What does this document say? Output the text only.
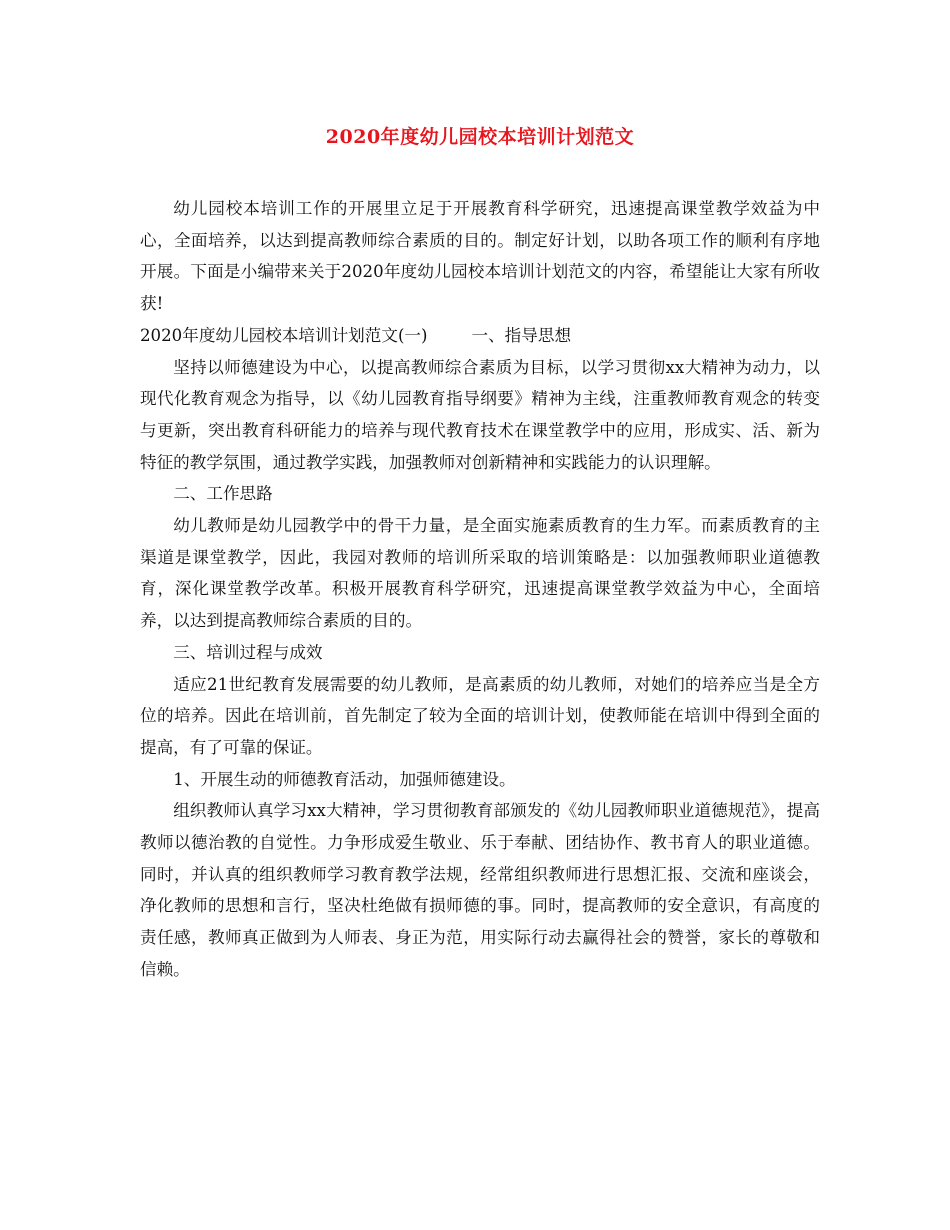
2020年度幼儿园校本培训计划范文

幼儿园校本培训工作的开展里立足于开展教育科学研究，迅速提高课堂教学效益为中心，全面培养，以达到提高教师综合素质的目的。制定好计划，以助各项工作的顺利有序地开展。下面是小编带来关于2020年度幼儿园校本培训计划范文的内容，希望能让大家有所收获!

2020年度幼儿园校本培训计划范文(一)	一、指导思想

坚持以师德建设为中心，以提高教师综合素质为目标，以学习贯彻xx大精神为动力，以现代化教育观念为指导，以《幼儿园教育指导纲要》精神为主线，注重教师教育观念的转变与更新，突出教育科研能力的培养与现代教育技术在课堂教学中的应用，形成实、活、新为特征的教学氛围，通过教学实践，加强教师对创新精神和实践能力的认识理解。

二、工作思路

幼儿教师是幼儿园教学中的骨干力量，是全面实施素质教育的生力军。而素质教育的主渠道是课堂教学，因此，我园对教师的培训所采取的培训策略是：以加强教师职业道德教育，深化课堂教学改革。积极开展教育科学研究，迅速提高课堂教学效益为中心，全面培养，以达到提高教师综合素质的目的。

三、培训过程与成效

适应21世纪教育发展需要的幼儿教师，是高素质的幼儿教师，对她们的培养应当是全方位的培养。因此在培训前，首先制定了较为全面的培训计划，使教师能在培训中得到全面的提高，有了可靠的保证。

1、开展生动的师德教育活动，加强师德建设。

组织教师认真学习xx大精神，学习贯彻教育部颁发的《幼儿园教师职业道德规范》，提高教师以德治教的自觉性。力争形成爱生敬业、乐于奉献、团结协作、教书育人的职业道德。同时，并认真的组织教师学习教育教学法规，经常组织教师进行思想汇报、交流和座谈会，净化教师的思想和言行，坚决杜绝做有损师德的事。同时，提高教师的安全意识，有高度的责任感，教师真正做到为人师表、身正为范，用实际行动去赢得社会的赞誉，家长的尊敬和信赖。
